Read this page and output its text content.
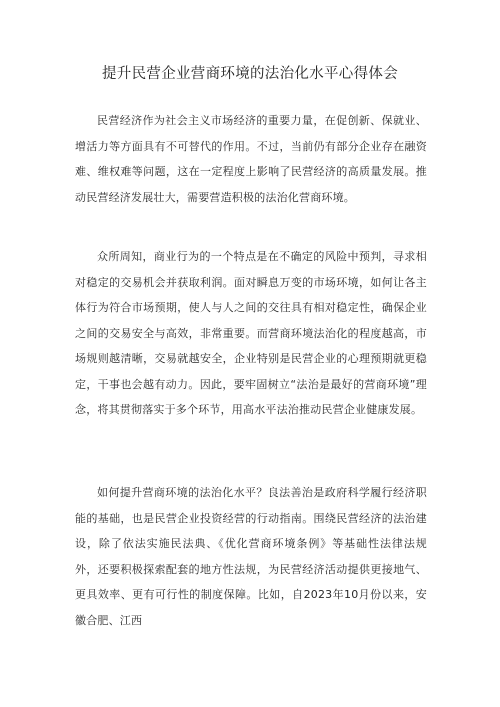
提升民营企业营商环境的法治化水平心得体会

民营经济作为社会主义市场经济的重要力量，在促创新、保就业、增活力等方面具有不可替代的作用。不过，当前仍有部分企业存在融资难、维权难等问题，这在一定程度上影响了民营经济的高质量发展。推动民营经济发展壮大，需要营造积极的法治化营商环境。

众所周知，商业行为的一个特点是在不确定的风险中预判，寻求相对稳定的交易机会并获取利润。面对瞬息万变的市场环境，如何让各主体行为符合市场预期，使人与人之间的交往具有相对稳定性，确保企业之间的交易安全与高效，非常重要。而营商环境法治化的程度越高，市场规则越清晰，交易就越安全，企业特别是民营企业的心理预期就更稳定，干事也会越有动力。因此，要牢固树立“法治是最好的营商环境”理念，将其贯彻落实于多个环节，用高水平法治推动民营企业健康发展。

如何提升营商环境的法治化水平？良法善治是政府科学履行经济职能的基础，也是民营企业投资经营的行动指南。围绕民营经济的法治建设，除了依法实施民法典、《优化营商环境条例》等基础性法律法规外，还要积极探索配套的地方性法规，为民营经济活动提供更接地气、更具效率、更有可行性的制度保障。比如，自2023年10月份以来，安徽合肥、江西
